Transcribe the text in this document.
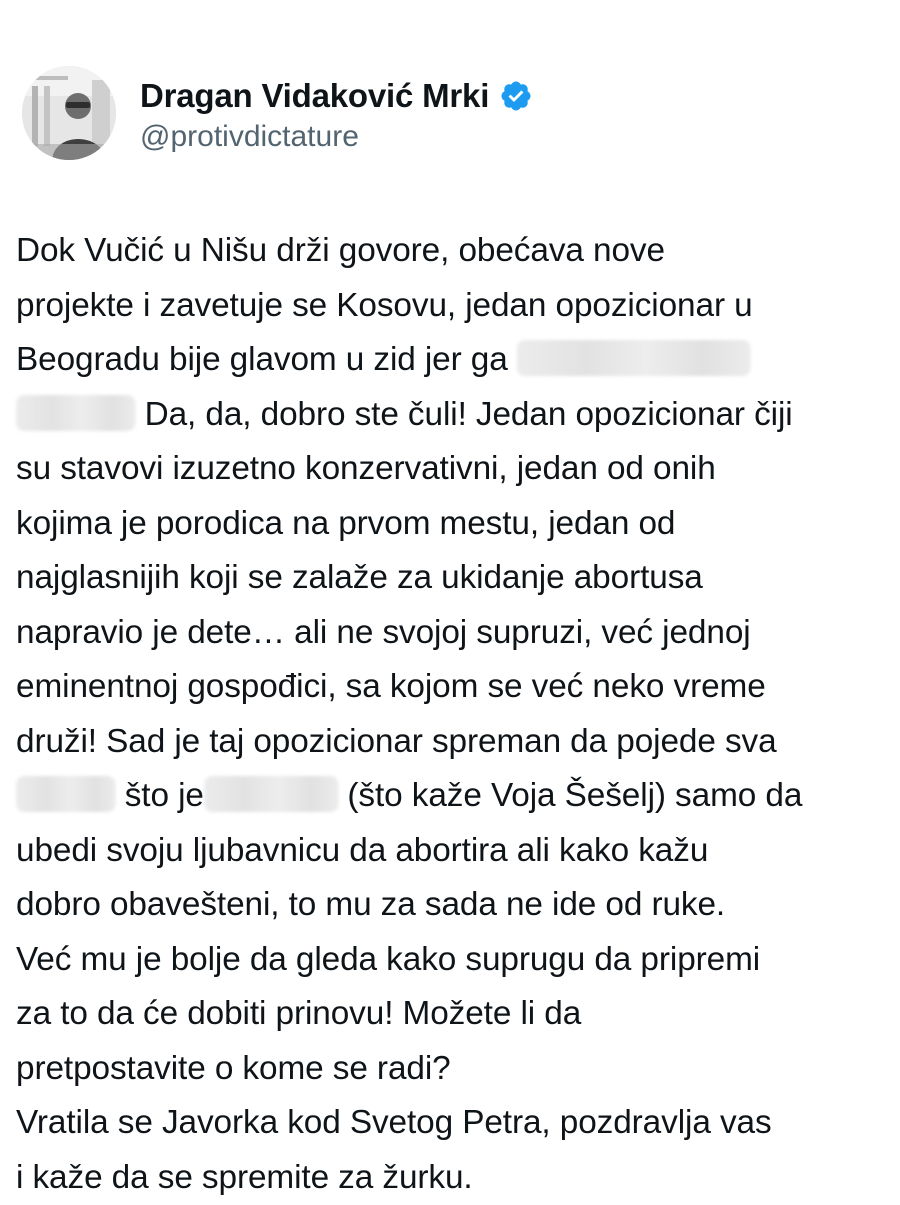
Dragan Vidaković Mrki
@protivdictature
Dok Vučić u Nišu drži govore, obećava nove
projekte i zavetuje se Kosovu, jedan opozicionar u
Beogradu bije glavom u zid jer ga
Da, da, dobro ste čuli! Jedan opozicionar čiji
su stavovi izuzetno konzervativni, jedan od onih
kojima je porodica na prvom mestu, jedan od
najglasnijih koji se zalaže za ukidanje abortusa
napravio je dete… ali ne svojoj supruzi, već jednoj
eminentnoj gospođici, sa kojom se već neko vreme
druži! Sad je taj opozicionar spreman da pojede sva
što je	(što kaže Voja Šešelj) samo da
ubedi svoju ljubavnicu da abortira ali kako kažu
dobro obavešteni, to mu za sada ne ide od ruke.
Već mu je bolje da gleda kako suprugu da pripremi
za to da će dobiti prinovu! Možete li da
pretpostavite o kome se radi?
Vratila se Javorka kod Svetog Petra, pozdravlja vas
i kaže da se spremite za žurku.
